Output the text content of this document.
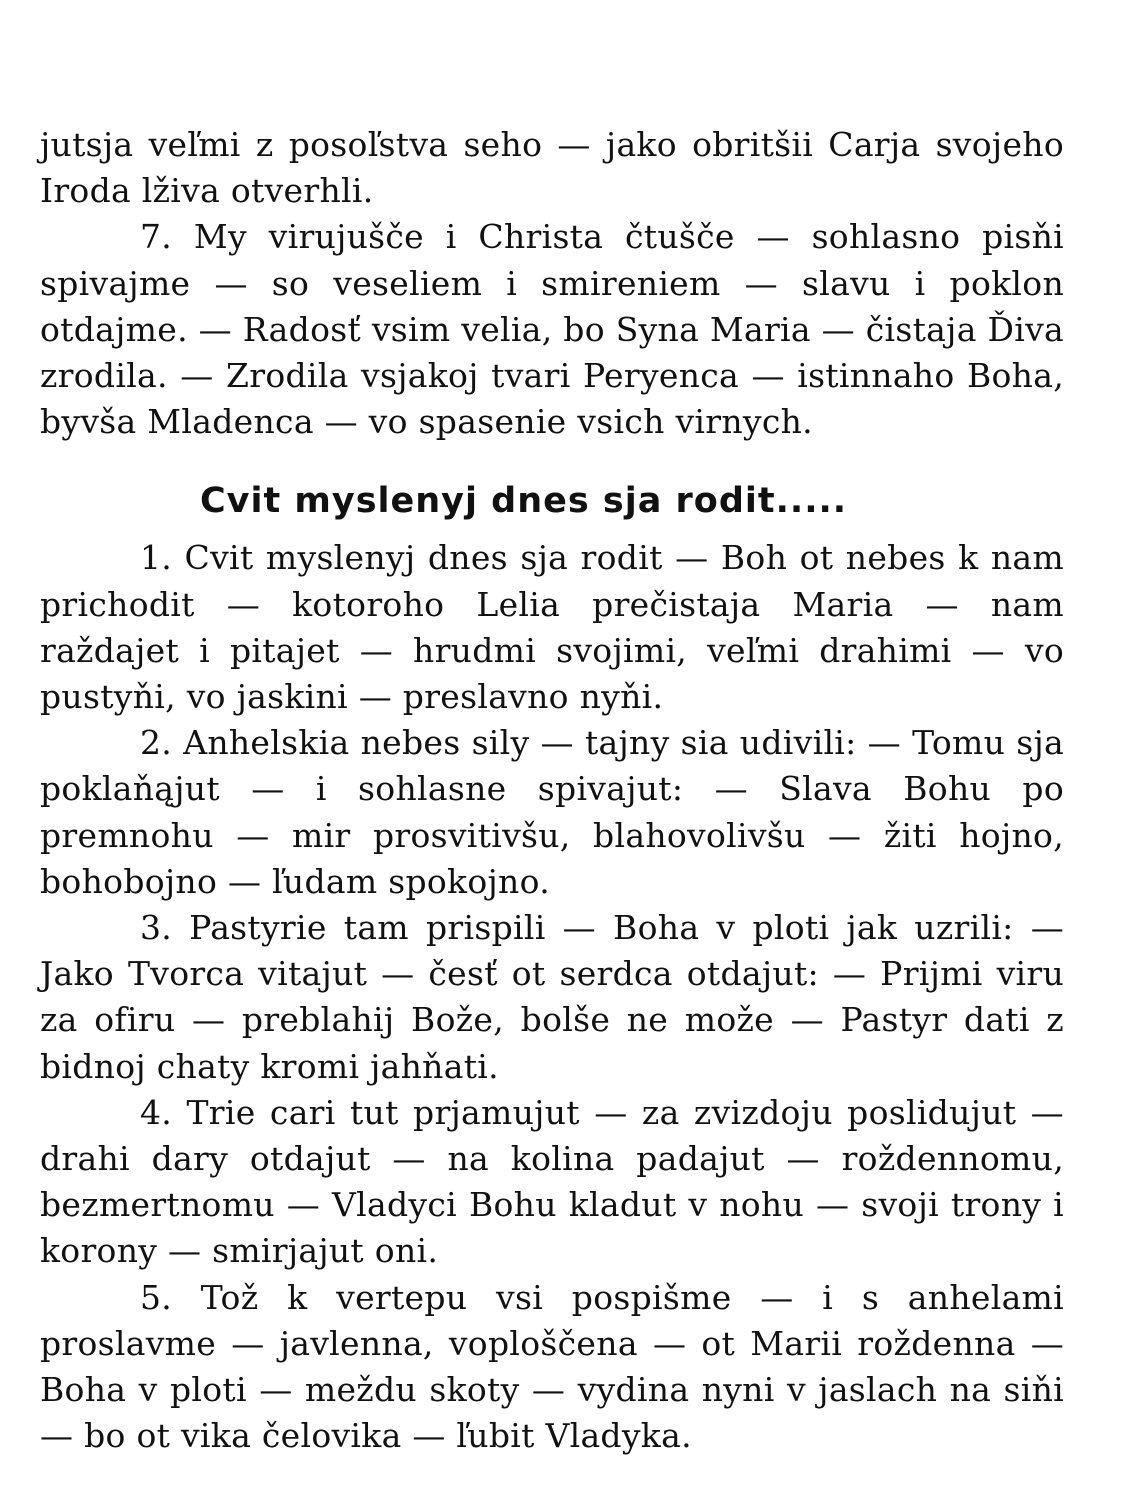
jutsja veľmi z posoľstva seho — jako obritšii Carja svojeho Iroda lživa otverhli.

7. My virujušče i Christa čtušče — sohlasno pisňi spivajme — so veseliem i smireniem — slavu i poklon otdajme. — Radosť vsim velia, bo Syna Maria — čistaja Ďiva zrodila. — Zrodila vsjakoj tvari Peryenca — istinnaho Boha, byvša Mladenca — vo spasenie vsich virnych.

Cvit myslenyj dnes sja rodit.....

1. Cvit myslenyj dnes sja rodit — Boh ot nebes k nam prichodit — kotoroho Lelia prečistaja Maria — nam raždajet i pitajet — hrudmi svojimi, veľmi drahimi — vo pustyňi, vo jaskini — preslavno nyňi.

2. Anhelskia nebes sily — tajny sia udivili: — Tomu sja poklaňąjut — i sohlasne spivajut: — Slava Bohu po premnohu — mir prosvitivšu, blahovolivšu — žiti hojno, bohobojno — ľudam spokojno.

3. Pastyrie tam prispili — Boha v ploti jak uzrili: — Jako Tvorca vitajut — česť ot serdca otdajut: — Prijmi viru za ofiru — preblahij Bože, bolše ne može — Pastyr dati z bidnoj chaty kromi jahňati.

4. Trie cari tut prjamujut — za zvizdoju poslidujut — drahi dary otdajut — na kolina padajut — roždennomu, bezmertnomu — Vladyci Bohu kladut v nohu — svoji trony i korony — smirjajut oni.

5. Tož k vertepu vsi pospišme — i s anhelami proslavme — javlenna, voploščena — ot Marii roždenna — Boha v ploti — meždu skoty — vydina nyni v jaslach na siňi — bo ot vika čelovika — ľubit Vladyka.
